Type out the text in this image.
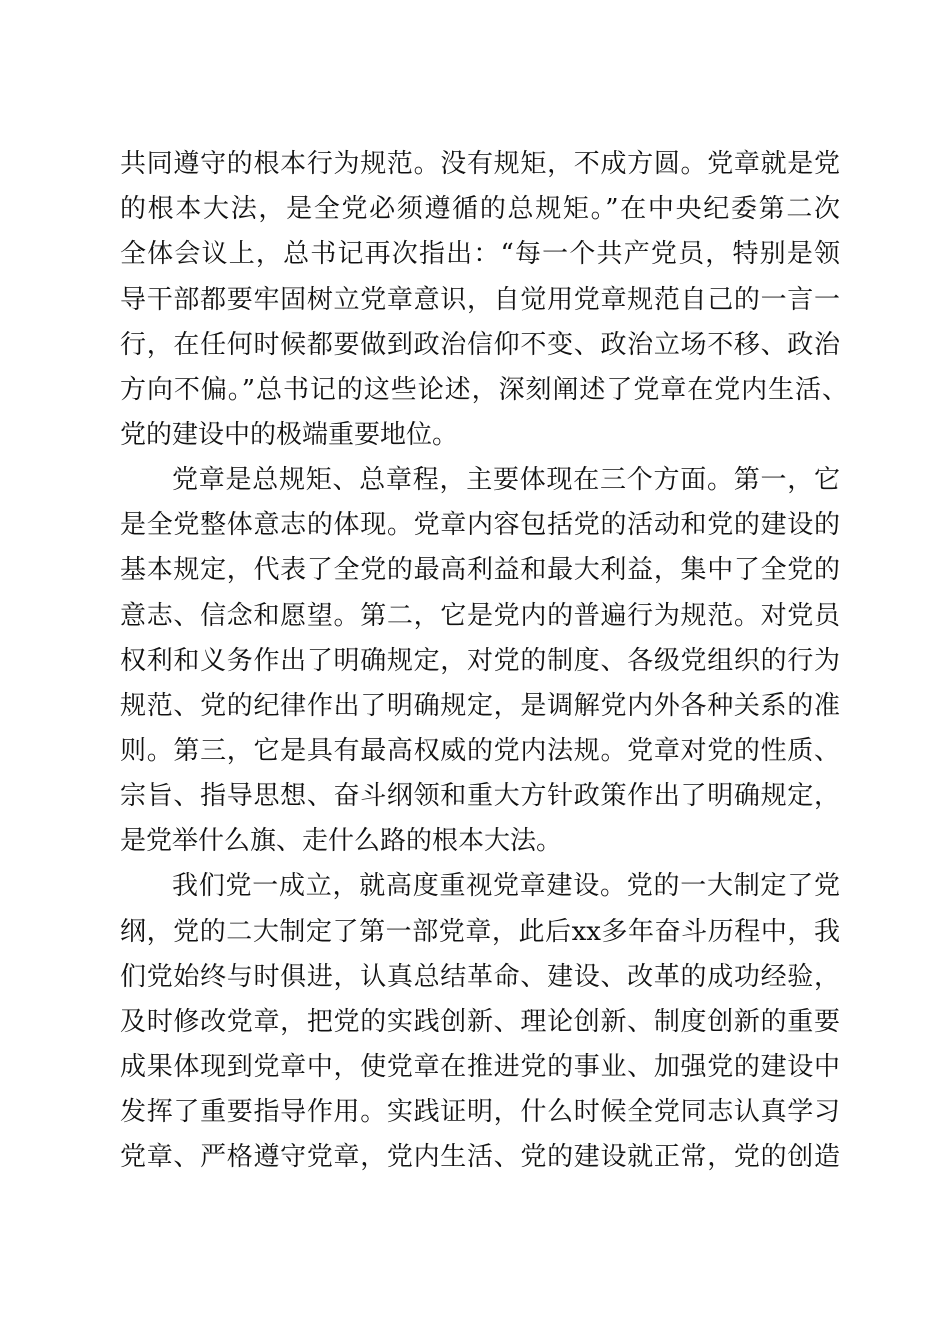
共同遵守的根本行为规范。没有规矩，不成方圆。党章就是党
的根本大法，是全党必须遵循的总规矩。”在中央纪委第二次
全体会议上，总书记再次指出：“每一个共产党员，特别是领
导干部都要牢固树立党章意识，自觉用党章规范自己的一言一
行，在任何时候都要做到政治信仰不变、政治立场不移、政治
方向不偏。”总书记的这些论述，深刻阐述了党章在党内生活、
党的建设中的极端重要地位。
党章是总规矩、总章程，主要体现在三个方面。第一，它
是全党整体意志的体现。党章内容包括党的活动和党的建设的
基本规定，代表了全党的最高利益和最大利益，集中了全党的
意志、信念和愿望。第二，它是党内的普遍行为规范。对党员
权利和义务作出了明确规定，对党的制度、各级党组织的行为
规范、党的纪律作出了明确规定，是调解党内外各种关系的准
则。第三，它是具有最高权威的党内法规。党章对党的性质、
宗旨、指导思想、奋斗纲领和重大方针政策作出了明确规定，
是党举什么旗、走什么路的根本大法。
我们党一成立，就高度重视党章建设。党的一大制定了党
纲，党的二大制定了第一部党章，此后xx多年奋斗历程中，我
们党始终与时俱进，认真总结革命、建设、改革的成功经验，
及时修改党章，把党的实践创新、理论创新、制度创新的重要
成果体现到党章中，使党章在推进党的事业、加强党的建设中
发挥了重要指导作用。实践证明，什么时候全党同志认真学习
党章、严格遵守党章，党内生活、党的建设就正常，党的创造
